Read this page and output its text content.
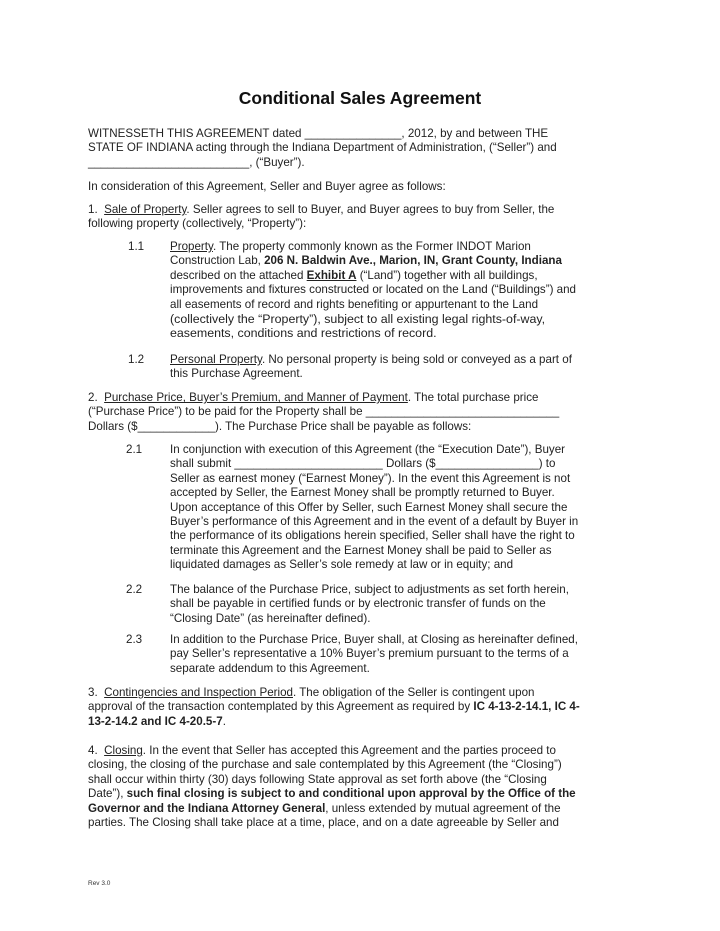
Conditional Sales Agreement
WITNESSETH THIS AGREEMENT dated _______________, 2012, by and between THE
STATE OF INDIANA acting through the Indiana Department of Administration, (“Seller”) and
_________________________, (“Buyer”).
In consideration of this Agreement, Seller and Buyer agree as follows:
1. Sale of Property. Seller agrees to sell to Buyer, and Buyer agrees to buy from Seller, the
following property (collectively, “Property”):
1.1	Property. The property commonly known as the Former INDOT Marion
Construction Lab, 206 N. Baldwin Ave., Marion, IN, Grant County, Indiana
described on the attached Exhibit A (“Land”) together with all buildings,
improvements and fixtures constructed or located on the Land (“Buildings”) and
all easements of record and rights benefiting or appurtenant to the Land
(collectively the “Property”), subject to all existing legal rights-of-way,
easements, conditions and restrictions of record.
1.2	Personal Property. No personal property is being sold or conveyed as a part of
this Purchase Agreement.
2. Purchase Price, Buyer’s Premium, and Manner of Payment. The total purchase price
(“Purchase Price”) to be paid for the Property shall be ______________________________
Dollars ($____________). The Purchase Price shall be payable as follows:
2.1	In conjunction with execution of this Agreement (the “Execution Date”), Buyer
shall submit _______________________ Dollars ($________________) to
Seller as earnest money (“Earnest Money”). In the event this Agreement is not
accepted by Seller, the Earnest Money shall be promptly returned to Buyer.
Upon acceptance of this Offer by Seller, such Earnest Money shall secure the
Buyer’s performance of this Agreement and in the event of a default by Buyer in
the performance of its obligations herein specified, Seller shall have the right to
terminate this Agreement and the Earnest Money shall be paid to Seller as
liquidated damages as Seller’s sole remedy at law or in equity; and
2.2	The balance of the Purchase Price, subject to adjustments as set forth herein,
shall be payable in certified funds or by electronic transfer of funds on the
“Closing Date” (as hereinafter defined).
2.3	In addition to the Purchase Price, Buyer shall, at Closing as hereinafter defined,
pay Seller’s representative a 10% Buyer’s premium pursuant to the terms of a
separate addendum to this Agreement.
3. Contingencies and Inspection Period. The obligation of the Seller is contingent upon
approval of the transaction contemplated by this Agreement as required by IC 4-13-2-14.1, IC 4-
13-2-14.2 and IC 4-20.5-7.
4. Closing. In the event that Seller has accepted this Agreement and the parties proceed to
closing, the closing of the purchase and sale contemplated by this Agreement (the “Closing”)
shall occur within thirty (30) days following State approval as set forth above (the “Closing
Date”), such final closing is subject to and conditional upon approval by the Office of the
Governor and the Indiana Attorney General, unless extended by mutual agreement of the
parties. The Closing shall take place at a time, place, and on a date agreeable by Seller and
Rev 3.0
